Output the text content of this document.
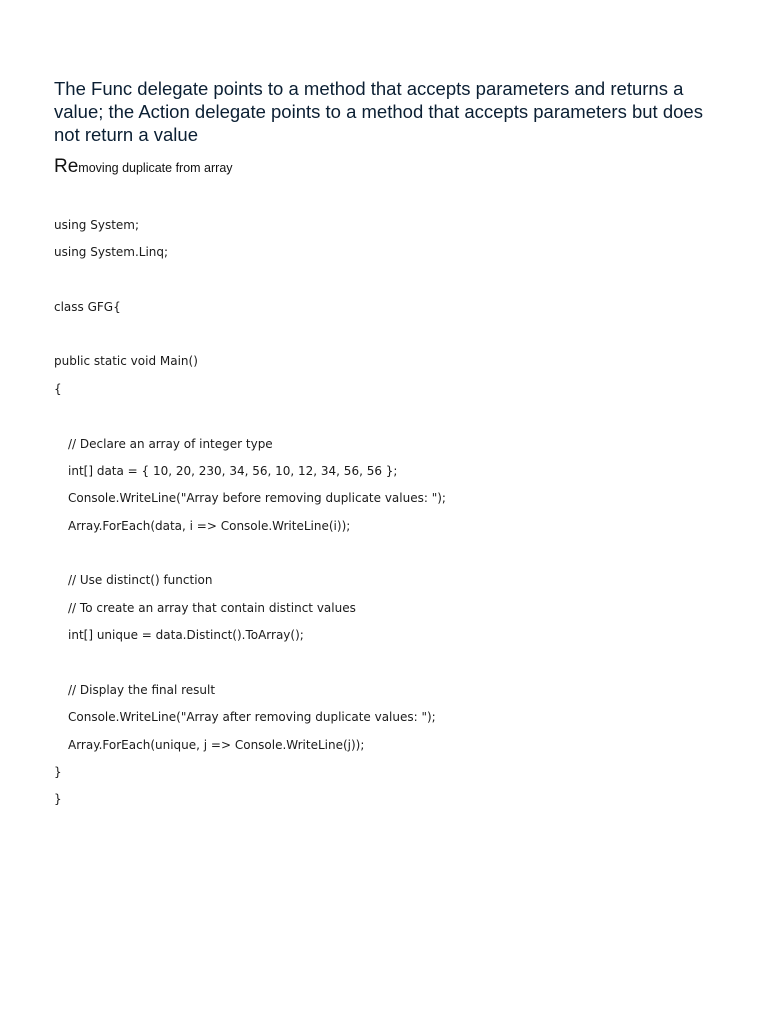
The Func delegate points to a method that accepts parameters and returns a value; the Action delegate points to a method that accepts parameters but does not return a value

Removing duplicate from array
using System;
using System.Linq;
class GFG{
public static void Main()
{
// Declare an array of integer type
int[] data = { 10, 20, 230, 34, 56, 10, 12, 34, 56, 56 };
Console.WriteLine("Array before removing duplicate values: ");
Array.ForEach(data, i => Console.WriteLine(i));
// Use distinct() function
// To create an array that contain distinct values
int[] unique = data.Distinct().ToArray();
// Display the final result
Console.WriteLine("Array after removing duplicate values: ");
Array.ForEach(unique, j => Console.WriteLine(j));
}
}
